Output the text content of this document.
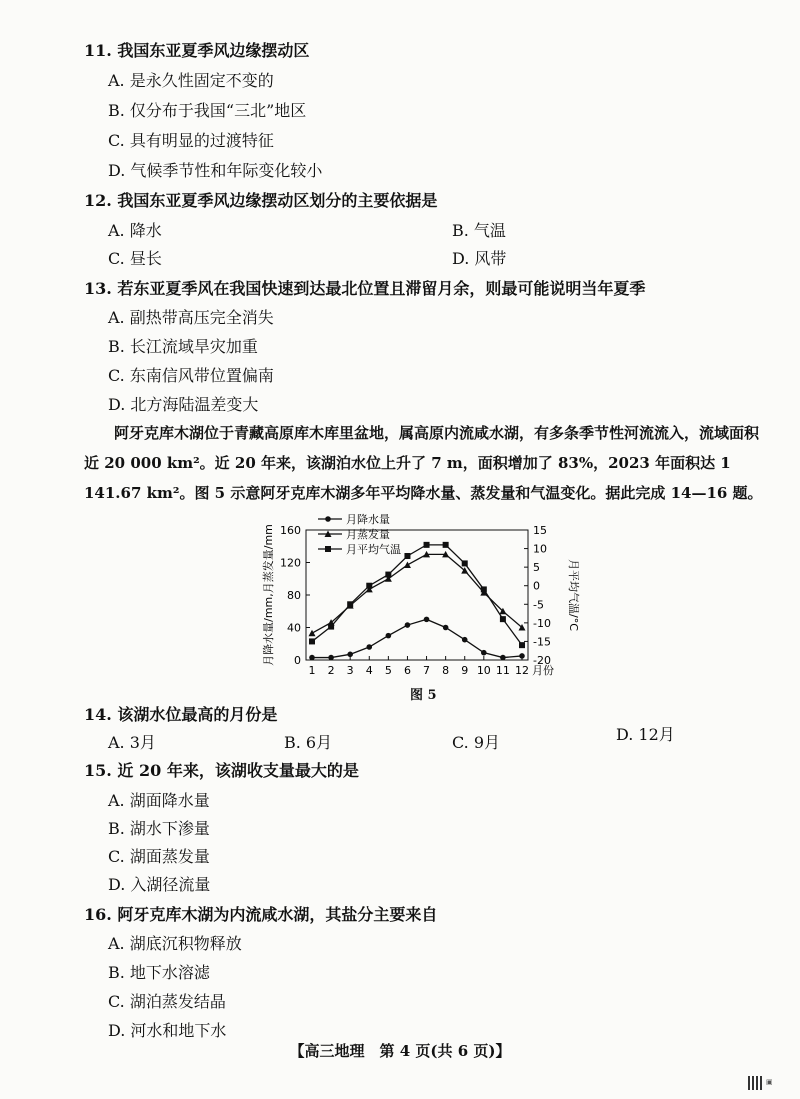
11. 我国东亚夏季风边缘摆动区
A. 是永久性固定不变的
B. 仅分布于我国“三北”地区
C. 具有明显的过渡特征
D. 气候季节性和年际变化较小
12. 我国东亚夏季风边缘摆动区划分的主要依据是
A. 降水	B. 气温
C. 昼长	D. 风带
13. 若东亚夏季风在我国快速到达最北位置且滞留月余，则最可能说明当年夏季
A. 副热带高压完全消失
B. 长江流域旱灾加重
C. 东南信风带位置偏南
D. 北方海陆温差变大

阿牙克库木湖位于青藏高原库木库里盆地，属高原内流咸水湖，有多条季节性河流流入，流域面积近 20 000 km²。近 20 年来，该湖泊水位上升了 7 m，面积增加了 83%，2023 年面积达 1 141.67 km²。图 5 示意阿牙克库木湖多年平均降水量、蒸发量和气温变化。据此完成 14—16 题。

0
40
80
120
160
-20
-15
-10
-5
0
5
10
15
1 2 3 4 5 6 7 8 9 10 11 12 月份
月降水量/mm,月蒸发量/mm	月平均气温/°C
月降水量
月蒸发量
月平均气温
图 5
14. 该湖水位最高的月份是
A. 3月	B. 6月	C. 9月	D. 12月
15. 近 20 年来，该湖收支量最大的是
A. 湖面降水量
B. 湖水下渗量
C. 湖面蒸发量
D. 入湖径流量
16. 阿牙克库木湖为内流咸水湖，其盐分主要来自
A. 湖底沉积物释放
B. 地下水溶滤
C. 湖泊蒸发结晶
D. 河水和地下水
【高三地理　第 4 页(共 6 页)】
▣
